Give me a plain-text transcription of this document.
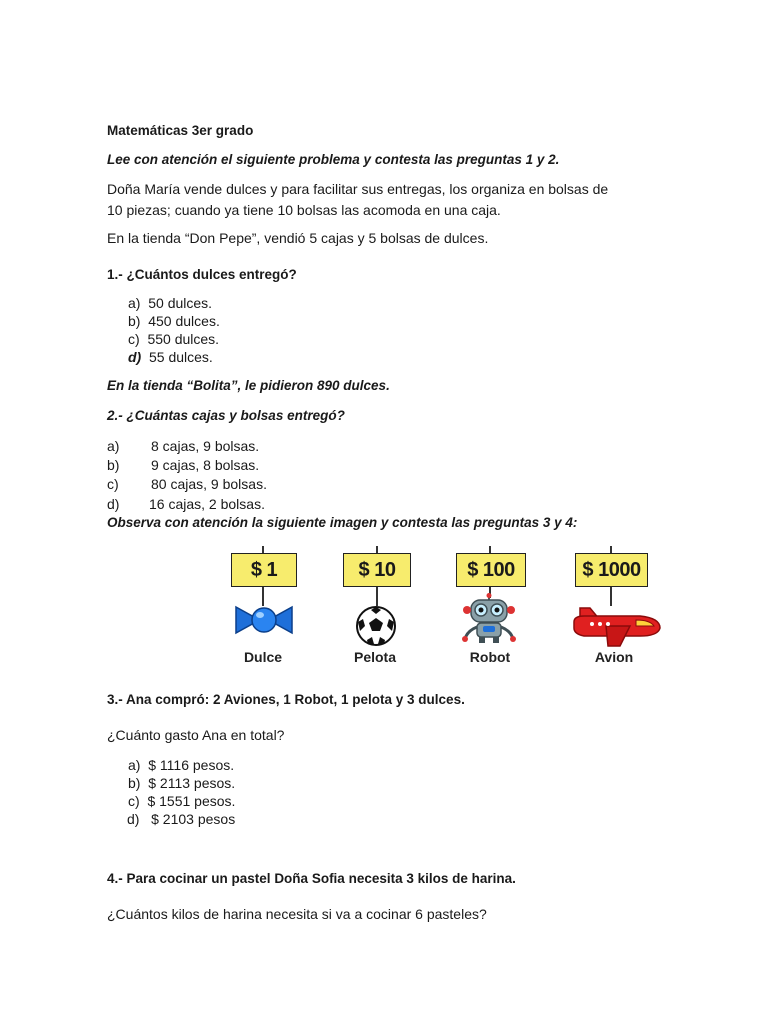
Matemáticas 3er grado
Lee con atención el siguiente problema y contesta las preguntas 1 y 2.
Doña María vende dulces y para facilitar sus entregas, los organiza en bolsas de
10 piezas; cuando ya tiene 10 bolsas las acomoda en una caja.
En la tienda “Don Pepe”, vendió 5 cajas y 5 bolsas de dulces.
1.- ¿Cuántos dulces entregó?
a) 50 dulces.
b) 450 dulces.
c) 550 dulces.
d) 55 dulces.
En la tienda “Bolita”, le pidieron 890 dulces.
2.- ¿Cuántas cajas y bolsas entregó?
a) 8 cajas, 9 bolsas.
b) 9 cajas, 8 bolsas.
c) 80 cajas, 9 bolsas.
d) 16 cajas, 2 bolsas.
Observa con atención la siguiente imagen y contesta las preguntas 3 y 4:
$ 1	$ 10	$ 100	$ 1000
Dulce	Pelota	Robot	Avion
3.- Ana compró: 2 Aviones, 1 Robot, 1 pelota y 3 dulces.
¿Cuánto gasto Ana en total?
a) $ 1116 pesos.
b) $ 2113 pesos.
c) $ 1551 pesos.
d) $ 2103 pesos
4.- Para cocinar un pastel Doña Sofia necesita 3 kilos de harina.
¿Cuántos kilos de harina necesita si va a cocinar 6 pasteles?
